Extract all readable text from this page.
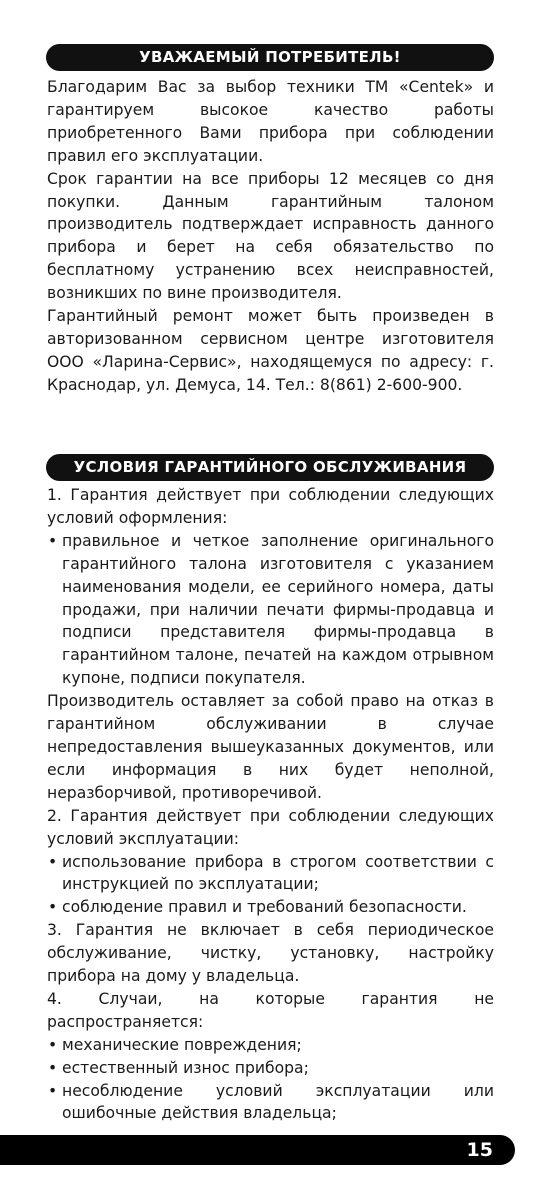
УВАЖАЕМЫЙ ПОТРЕБИТЕЛЬ!

Благодарим Вас за выбор техники ТМ «Centek» и гарантируем высокое качество работы приобретенного Вами прибора при соблюдении правил его эксплуатации.

Срок гарантии на все приборы 12 месяцев со дня покупки. Данным гарантийным талоном производитель подтверждает исправность данного прибора и берет на себя обязательство по бесплатному устранению всех неисправностей, возникших по вине производителя.

Гарантийный ремонт может быть произведен в авторизованном сервисном центре изготовителя ООО «Ларина-Сервис», находящемуся по адресу: г. Краснодар, ул. Демуса, 14. Тел.: 8(861) 2-600-900.

УСЛОВИЯ ГАРАНТИЙНОГО ОБСЛУЖИВАНИЯ

1. Гарантия действует при соблюдении следующих условий оформления:

• правильное и четкое заполнение оригинального гарантийного талона изготовителя с указанием наименования модели, ее серийного номера, даты продажи, при наличии печати фирмы-продавца и подписи представителя фирмы-продавца в гарантийном талоне, печатей на каждом отрывном купоне, подписи покупателя.

Производитель оставляет за собой право на отказ в гарантийном обслуживании в случае непредоставления вышеуказанных документов, или если информация в них будет неполной, неразборчивой, противоречивой.

2. Гарантия действует при соблюдении следующих условий эксплуатации:

• использование прибора в строгом соответствии с инструкцией по эксплуатации;

• соблюдение правил и требований безопасности.

3. Гарантия не включает в себя периодическое обслуживание, чистку, установку, настройку прибора на дому у владельца.

4. Случаи, на которые гарантия не распространяется:

• механические повреждения;

• естественный износ прибора;

• несоблюдение условий эксплуатации или ошибочные действия владельца;

15
